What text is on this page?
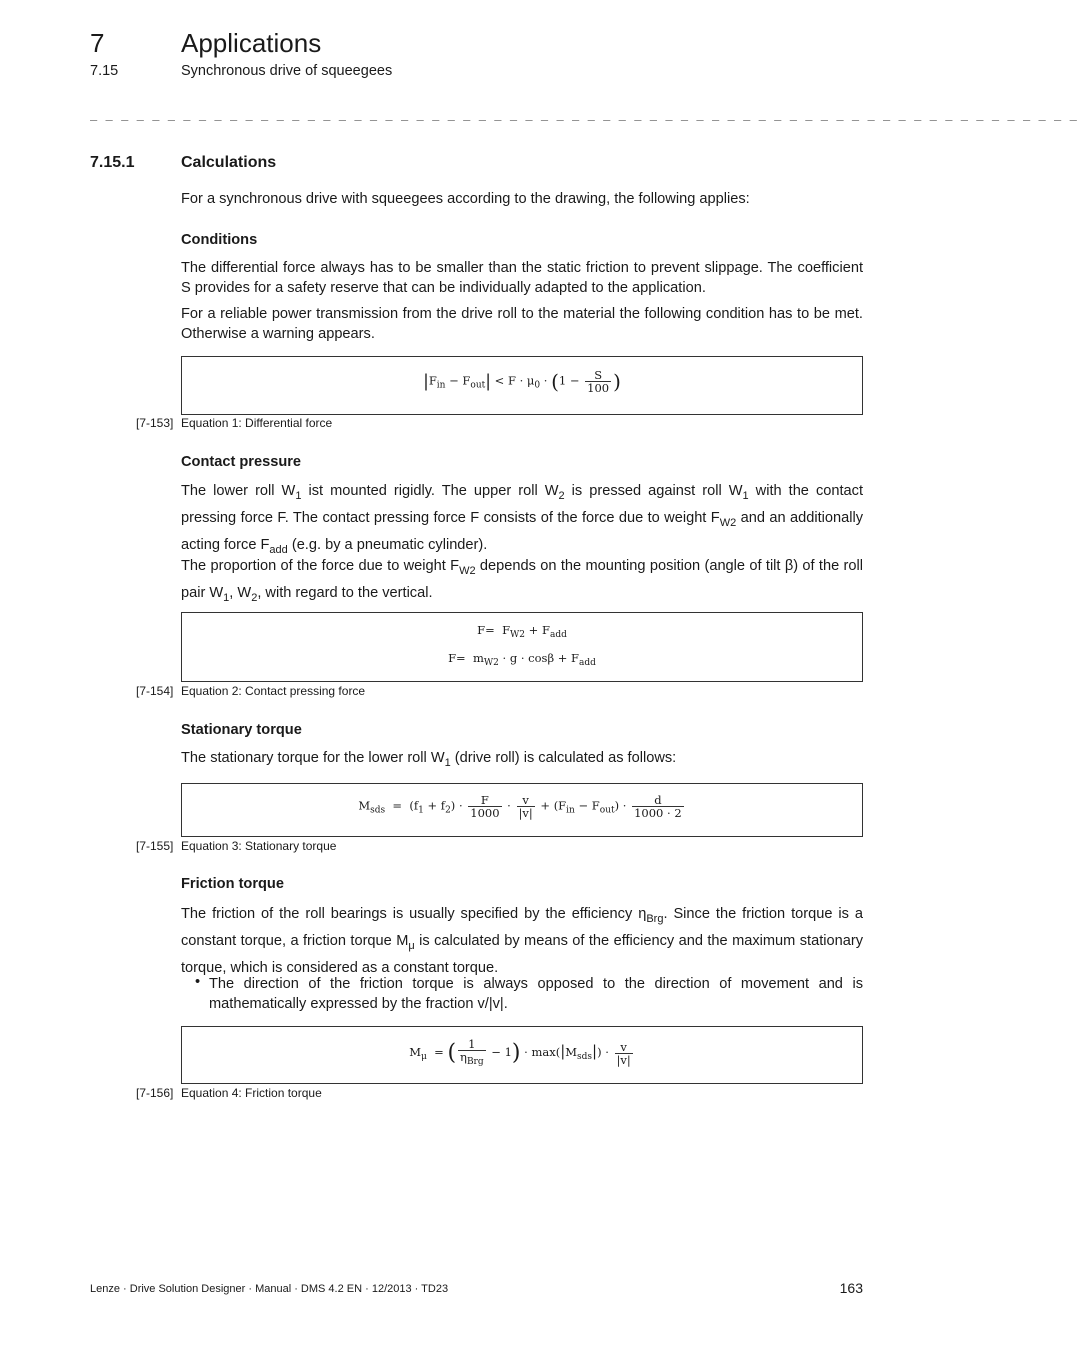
7	Applications
7.15	Synchronous drive of squeegees
_ _ _ _ _ _ _ _ _ _ _ _ _ _ _ _ _ _ _ _ _ _ _ _ _ _ _ _ _ _ _ _ _ _ _ _ _ _ _ _ _ _ _ _ _ _ _ _ _ _ _ _ _ _ _ _ _ _ _ _ _ _ _ _
7.15.1	Calculations
For a synchronous drive with squeegees according to the drawing, the following applies:
Conditions
The differential force always has to be smaller than the static friction to prevent slippage. The coefficient S provides for a safety reserve that can be individually adapted to the application.
For a reliable power transmission from the drive roll to the material the following condition has to be met. Otherwise a warning appears.
$|F_{in} - F_{out}| < F \cdot \mu_0 \cdot (1 - \frac{S}{100}$ )
[7-153] Equation 1: Differential force
Contact pressure
The lower roll $W_1$ ist mounted rigidly. The upper roll $W_2$ is pressed against roll $W_1$ with the contact pressing force F. The contact pressing force F consists of the force due to weight $F_{W2}$ and an additionally acting force $F_{add}$ (e.g. by a pneumatic cylinder).
The proportion of the force due to weight $F_{W2}$ depends on the mounting position (angle of tilt β) of the roll pair $W_1$, $W_2$, with regard to the vertical.
$F= F_{W2} + F_{add}$
$F= m_{W2} \cdot g \cdot \cos\beta + F_{add}$
[7-154] Equation 2: Contact pressing force
Stationary torque
The stationary torque for the lower roll $W_1$ (drive roll) is calculated as follows:
$M_{sds} = (f_1 + f_2) \cdot \frac{F}{1000} \cdot \frac{v}{|v|} + (F_{in} - F_{out}) \cdot \frac{d}{1000 \cdot 2}$
[7-155] Equation 3: Stationary torque
Friction torque
The friction of the roll bearings is usually specified by the efficiency $\eta_{Brg}$. Since the friction torque is a constant torque, a friction torque $M_\mu$ is calculated by means of the efficiency and the maximum stationary torque, which is considered as a constant torque.
• The direction of the friction torque is always opposed to the direction of movement and is mathematically expressed by the fraction v/|v|.
$M_\mu$  = ( $\frac{1}{\eta_{Brg}} - 1) \cdot \max(|M_{sds}|) \cdot \frac{v}{|v|}$
[7-156] Equation 4: Friction torque
Lenze · Drive Solution Designer · Manual · DMS 4.2 EN · 12/2013 · TD23	163
